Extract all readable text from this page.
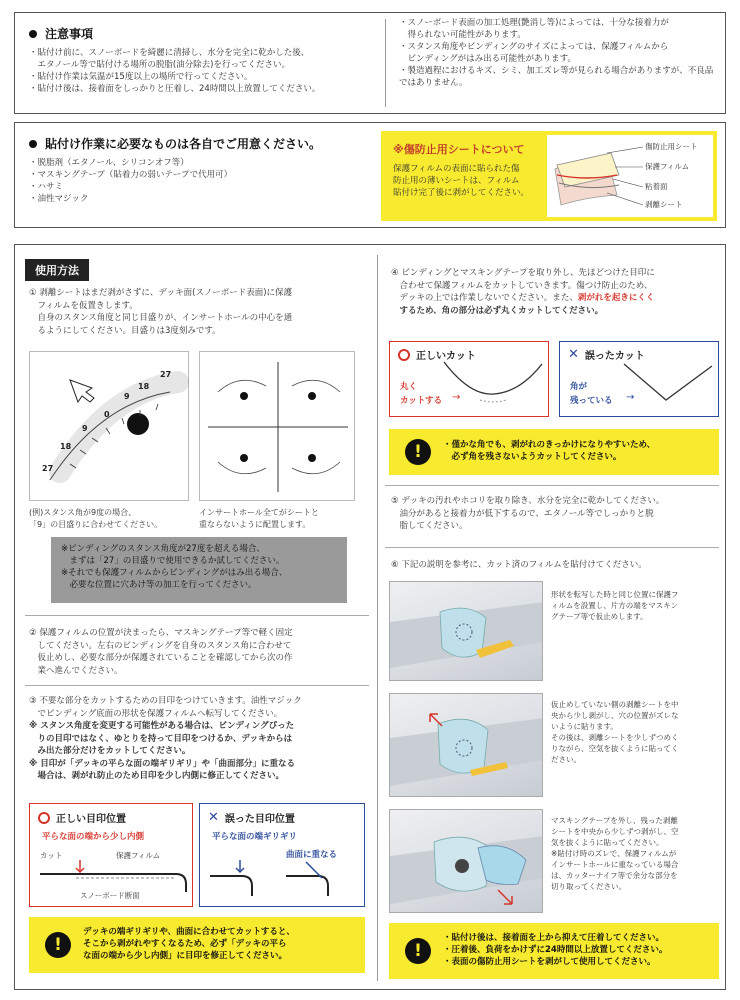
注意事項
・貼付け前に、スノーボードを綺麗に清掃し、水分を完全に乾かした後、
　エタノール等で貼付ける場所の脱脂(油分除去)を行ってください。
・貼付け作業は気温が15度以上の場所で行ってください。
・貼付け後は、接着面をしっかりと圧着し、24時間以上放置してください。
・スノーボード表面の加工処理(艶消し等)によっては、十分な接着力が
　得られない可能性があります。
・スタンス角度やビンディングのサイズによっては、保護フィルムから
　ビンディングがはみ出る可能性があります。
・製造過程におけるキズ、シミ、加工ズレ等が見られる場合がありますが、不良品ではありません。
貼付け作業に必要なものは各自でご用意ください。
・脱脂剤（エタノール、シリコンオフ等）
・マスキングテープ（貼着力の弱いテープで代用可）
・ハサミ
・油性マジック
※傷防止用シートについて
保護フィルムの表面に貼られた傷
防止用の薄いシートは、フィルム
貼付け完了後に剥がしてください。
傷防止用シート
保護フィルム
粘着面
剥離シート
使用方法
① 剥離シートはまだ剥がさずに、デッキ面(スノーボード表面)に保護
　フィルムを仮置きします。
　自身のスタンス角度と同じ目盛りが、インサートホールの中心を通
　るようにしてください。目盛りは3度刻みです。
27
18
9
0
9
18
27
(例)スタンス角が9度の場合、
「9」の目盛りに合わせてください。
インサートホール全てがシートと
重ならないように配置します。
※ビンディングのスタンス角度が27度を超える場合、
　まずは「27」の目盛りで使用できるか試してください。
※それでも保護フィルムからビンディングがはみ出る場合、
　必要な位置に穴あけ等の加工を行ってください。
② 保護フィルムの位置が決まったら、マスキングテープ等で軽く固定
　してください。左右のビンディングを自身のスタンス角に合わせて
　仮止めし、必要な部分が保護されていることを確認してから次の作
　業へ進んでください。
③ 不要な部分をカットするための目印をつけていきます。油性マジック
　でビンディング底面の形状を保護フィルムへ転写してください。
※ スタンス角度を変更する可能性がある場合は、ビンディングぴった
　りの目印ではなく、ゆとりを持って目印をつけるか、デッキからは
　み出た部分だけをカットしてください。
※ 目印が「デッキの平らな面の端ギリギリ」や「曲面部分」に重なる
　場合は、剥がれ防止のため目印を少し内側に修正してください。
正しい目印位置
平らな面の端から少し内側
カット	保護フィルム
スノーボード断面
✕ 誤った目印位置
平らな面の端ギリギリ
曲面に重なる
!
デッキの端ギリギリや、曲面に合わせてカットすると、
そこから剥がれやすくなるため、必ず「デッキの平ら
な面の端から少し内側」に目印を修正してください。
④ ビンディングとマスキングテープを取り外し、先ほどつけた目印に
　合わせて保護フィルムをカットしていきます。傷つけ防止のため、
　デッキの上では作業しないでください。また、剥がれを起きにくく
　するため、角の部分は必ず丸くカットしてください。
正しいカット
丸く
カットする →
✕ 誤ったカット
角が
残っている →
!	・僅かな角でも、剥がれのきっかけになりやすいため、
　必ず角を残さないようカットしてください。
⑤ デッキの汚れやホコリを取り除き、水分を完全に乾かしてください。
　油分があると接着力が低下するので、エタノール等でしっかりと脱
　脂してください。
⑥ 下記の説明を参考に、カット済のフィルムを貼付けてください。
形状を転写した時と同じ位置に保護フ
ィルムを設置し、片方の端をマスキン
グテープ等で仮止めします。
仮止めしていない側の剥離シートを中
央から少し剥がし、穴の位置がズレな
いように貼ります。
その後は、剥離シートを少しずつめく
りながら、空気を抜くように貼ってく
ださい。
マスキングテープを外し、残った剥離
シートを中央から少しずつ剥がし、空
気を抜くように貼ってください。
※貼付け時のズレで、保護フィルムが
インサートホールに重なっている場合
は、カッターナイフ等で余分な部分を
切り取ってください。
!
・貼付け後は、接着面を上から抑えて圧着してください。
・圧着後、負荷をかけずに24時間以上放置してください。
・表面の傷防止用シートを剥がして使用してください。
